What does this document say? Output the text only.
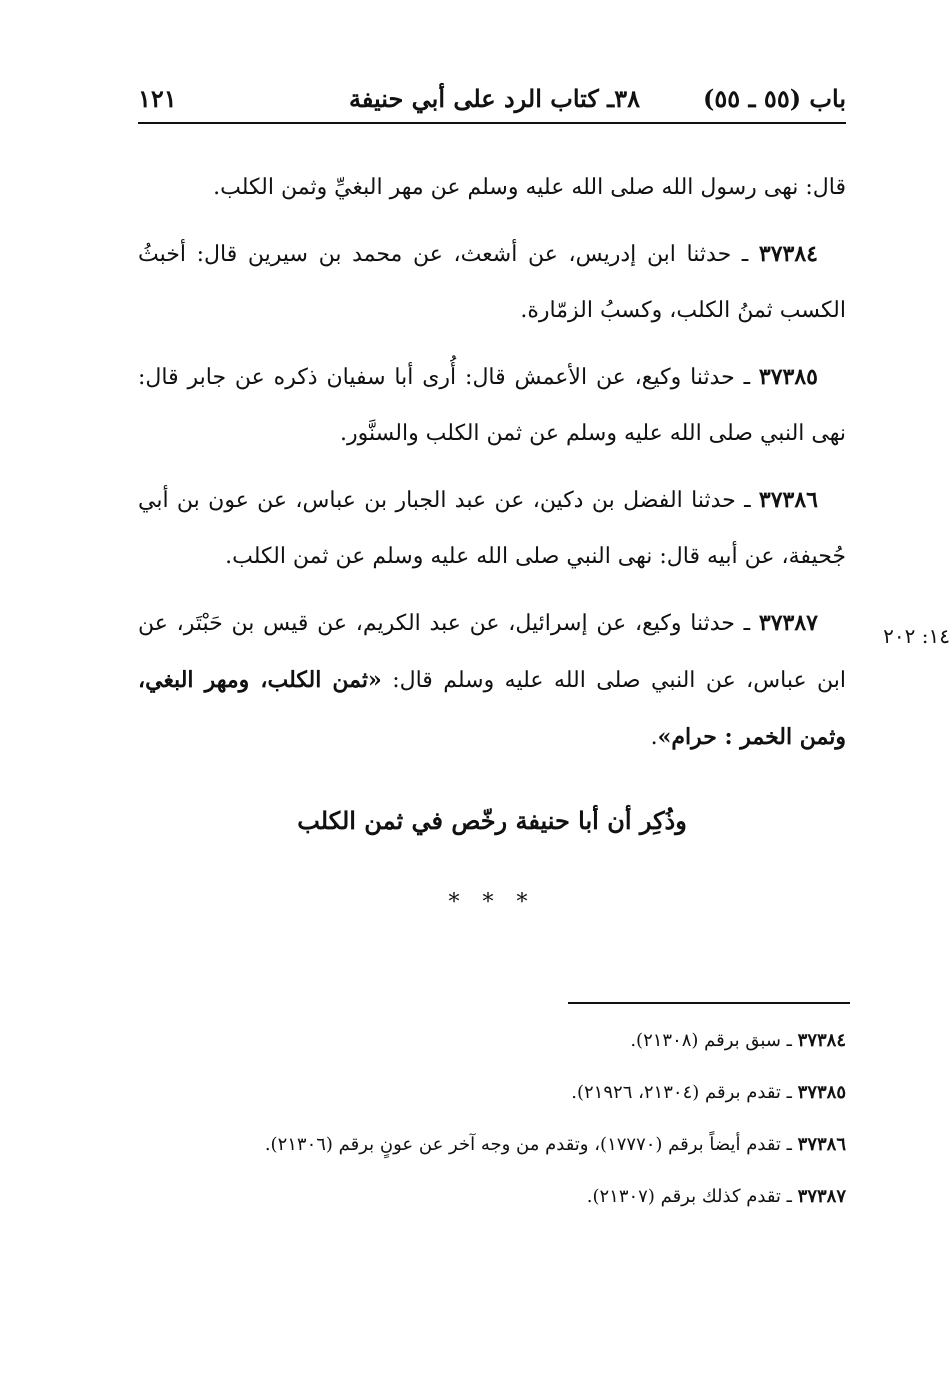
باب (٥٥ ـ ٥٥)
٣٨ـ كتاب الرد على أبي حنيفة
١٢١

قال: نهى رسول الله صلى الله عليه وسلم عن مهر البغيِّ وثمن الكلب.

٣٧٣٨٤ ـ حدثنا ابن إدريس، عن أشعث، عن محمد بن سيرين قال: أخبثُ الكسب ثمنُ الكلب، وكسبُ الزمّارة.

٣٧٣٨٥ ـ حدثنا وكيع، عن الأعمش قال: أُرى أبا سفيان ذكره عن جابر قال: نهى النبي صلى الله عليه وسلم عن ثمن الكلب والسنَّور.

٣٧٣٨٦ ـ حدثنا الفضل بن دكين، عن عبد الجبار بن عباس، عن عون بن أبي جُحيفة، عن أبيه قال: نهى النبي صلى الله عليه وسلم عن ثمن الكلب.

٣٧٣٨٧ ـ حدثنا وكيع، عن إسرائيل، عن عبد الكريم، عن قيس بن حَبْتَر، عن ابن عباس، عن النبي صلى الله عليه وسلم قال: «ثمن الكلب، ومهر البغي، وثمن الخمر : حرام».

١٤: ٢٠٢
وذُكِر أن أبا حنيفة رخّص في ثمن الكلب
* * *

٣٧٣٨٤ ـ سبق برقم (٢١٣٠٨).

٣٧٣٨٥ ـ تقدم برقم (٢١٣٠٤، ٢١٩٢٦).

٣٧٣٨٦ ـ تقدم أيضاً برقم (١٧٧٧٠)، وتقدم من وجه آخر عن عونٍ برقم (٢١٣٠٦).

٣٧٣٨٧ ـ تقدم كذلك برقم (٢١٣٠٧).
